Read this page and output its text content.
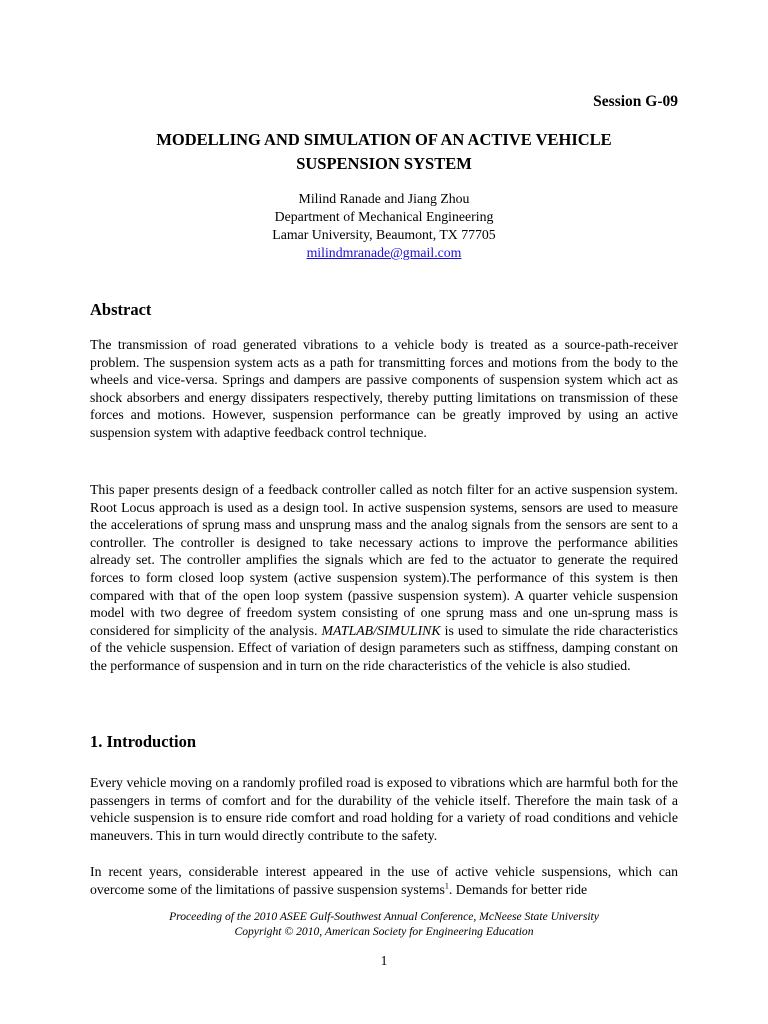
Session G-09
MODELLING AND SIMULATION OF AN ACTIVE VEHICLE
SUSPENSION SYSTEM
Milind Ranade and Jiang Zhou
Department of Mechanical Engineering
Lamar University, Beaumont, TX 77705
milindmranade@gmail.com
Abstract
The transmission of road generated vibrations to a vehicle body is treated as a source-path-receiver problem. The suspension system acts as a path for transmitting forces and motions from the body to the wheels and vice-versa. Springs and dampers are passive components of suspension system which act as shock absorbers and energy dissipaters respectively, thereby putting limitations on transmission of these forces and motions. However, suspension performance can be greatly improved by using an active suspension system with adaptive feedback control technique.
This paper presents design of a feedback controller called as notch filter for an active suspension system. Root Locus approach is used as a design tool. In active suspension systems, sensors are used to measure the accelerations of sprung mass and unsprung mass and the analog signals from the sensors are sent to a controller. The controller is designed to take necessary actions to improve the performance abilities already set. The controller amplifies the signals which are fed to the actuator to generate the required forces to form closed loop system (active suspension system).The performance of this system is then compared with that of the open loop system (passive suspension system). A quarter vehicle suspension model with two degree of freedom system consisting of one sprung mass and one un-sprung mass is considered for simplicity of the analysis. MATLAB/SIMULINK is used to simulate the ride characteristics of the vehicle suspension. Effect of variation of design parameters such as stiffness, damping constant on the performance of suspension and in turn on the ride characteristics of the vehicle is also studied.
1. Introduction
Every vehicle moving on a randomly profiled road is exposed to vibrations which are harmful both for the passengers in terms of comfort and for the durability of the vehicle itself. Therefore the main task of a vehicle suspension is to ensure ride comfort and road holding for a variety of road conditions and vehicle maneuvers. This in turn would directly contribute to the safety.
In recent years, considerable interest appeared in the use of active vehicle suspensions, which can overcome some of the limitations of passive suspension systems$^1$. Demands for better ride
Proceeding of the 2010 ASEE Gulf-Southwest Annual Conference, McNeese State University
Copyright © 2010, American Society for Engineering Education
1
